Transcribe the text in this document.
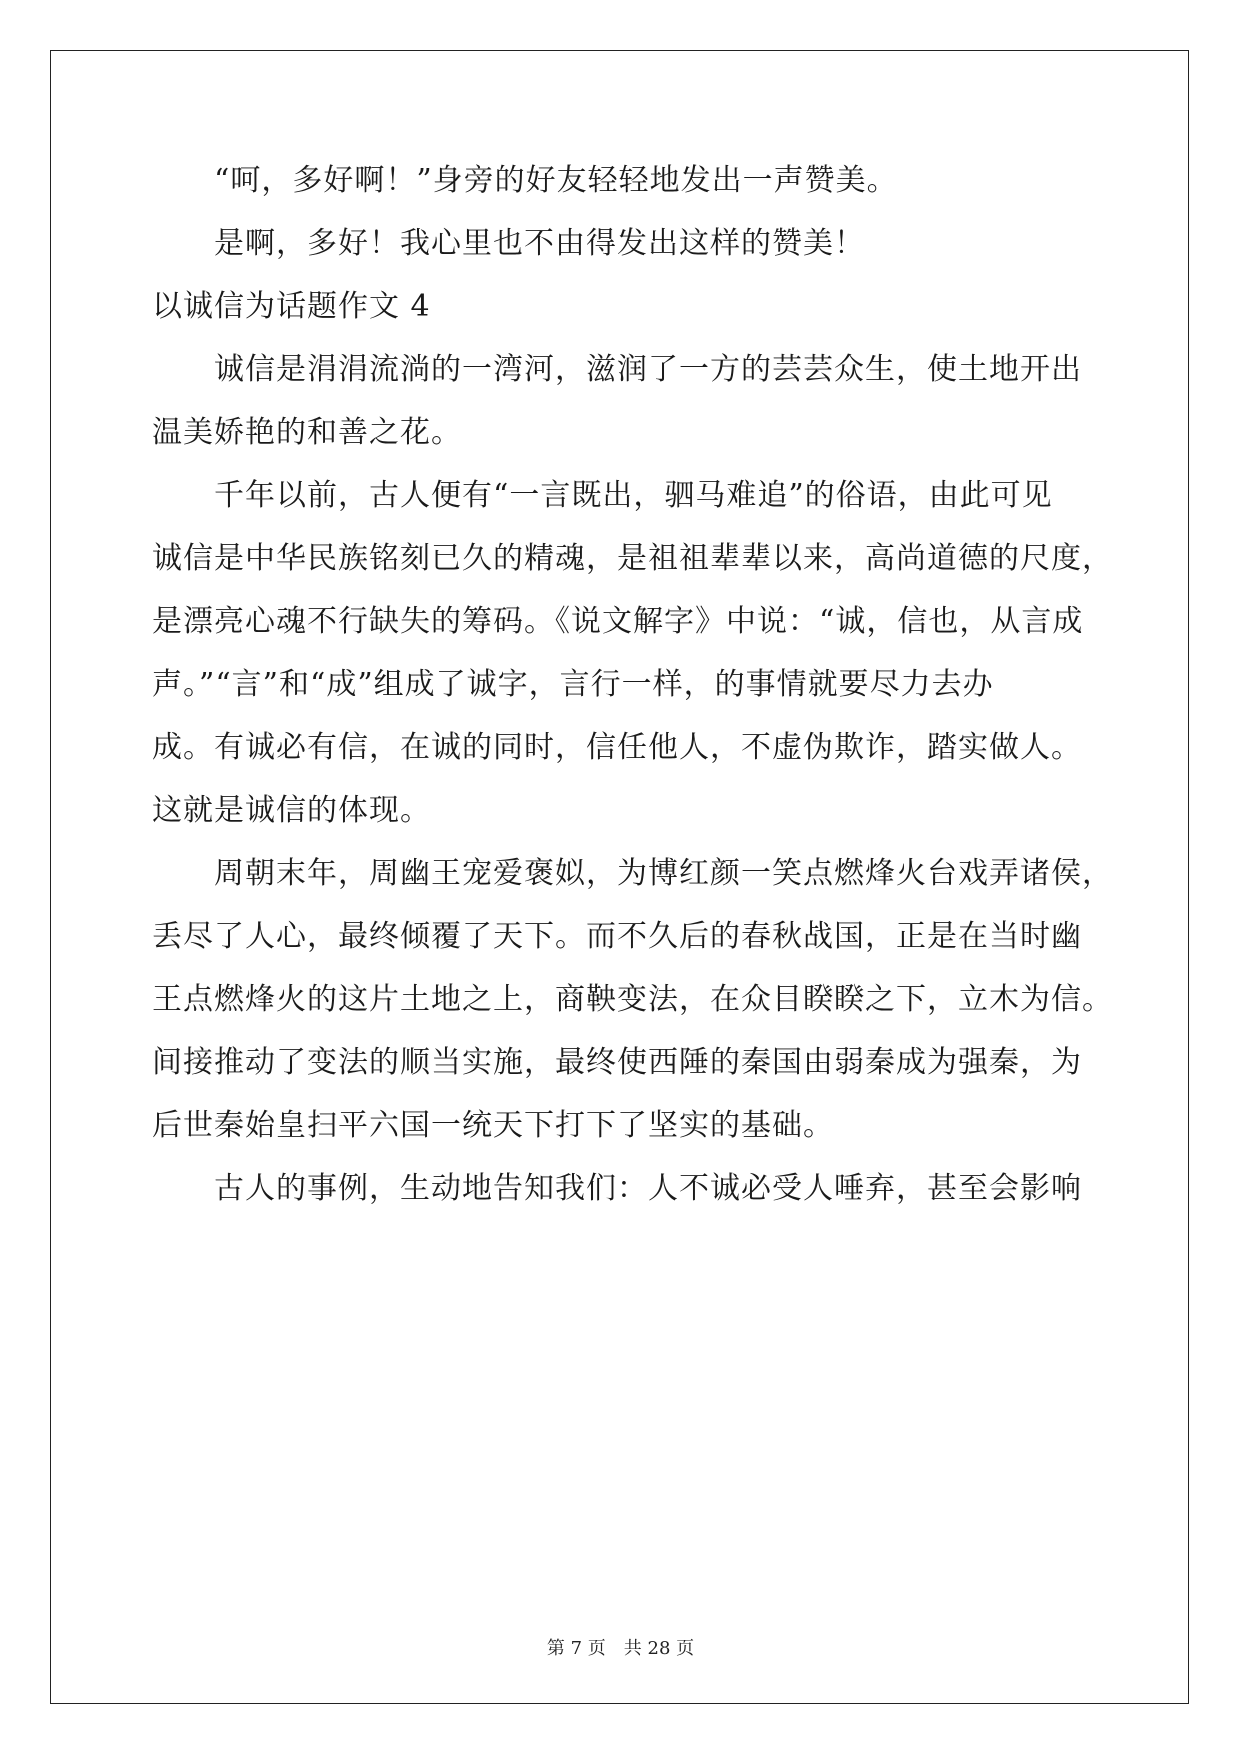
“呵，多好啊！”身旁的好友轻轻地发出一声赞美。
是啊，多好！我心里也不由得发出这样的赞美！
以诚信为话题作文 4
诚信是涓涓流淌的一湾河，滋润了一方的芸芸众生，使土地开出
温美娇艳的和善之花。
千年以前，古人便有“一言既出，驷马难追”的俗语，由此可见
诚信是中华民族铭刻已久的精魂，是祖祖辈辈以来，高尚道德的尺度，
是漂亮心魂不行缺失的筹码。《说文解字》中说：“诚，信也，从言成
声。”“言”和“成”组成了诚字，言行一样，的事情就要尽力去办
成。有诚必有信，在诚的同时，信任他人，不虚伪欺诈，踏实做人。
这就是诚信的体现。
周朝末年，周幽王宠爱褒姒，为博红颜一笑点燃烽火台戏弄诸侯，
丢尽了人心，最终倾覆了天下。而不久后的春秋战国，正是在当时幽
王点燃烽火的这片土地之上，商鞅变法，在众目睽睽之下，立木为信。
间接推动了变法的顺当实施，最终使西陲的秦国由弱秦成为强秦，为
后世秦始皇扫平六国一统天下打下了坚实的基础。
古人的事例，生动地告知我们：人不诚必受人唾弃，甚至会影响
第 7 页　共 28 页
